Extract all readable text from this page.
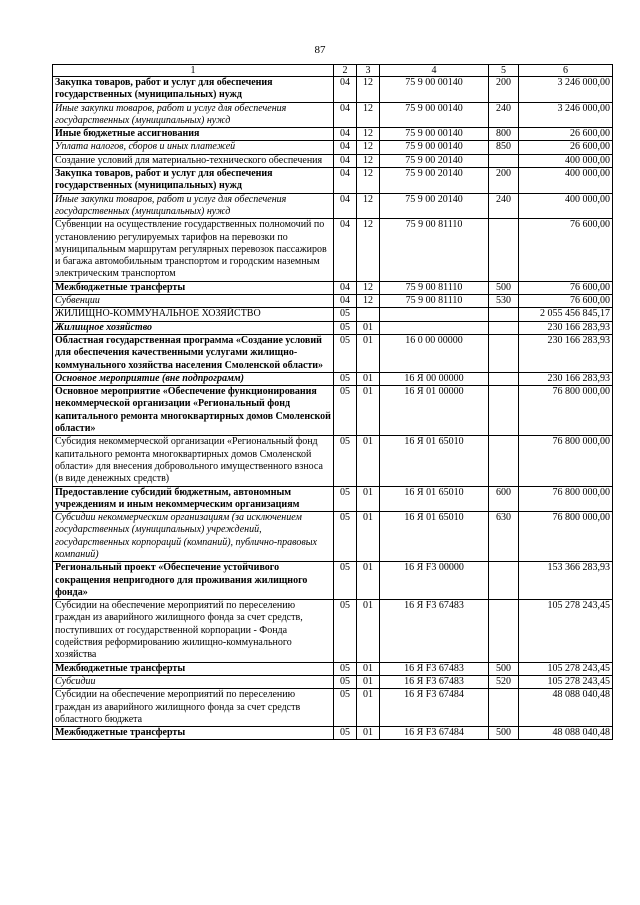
87
1	2	3	4	5	6
Закупка товаров, работ и услуг для обеспечения государственных (муниципальных) нужд	04	12	75 9 00 00140	200	3 246 000,00
Иные закупки товаров, работ и услуг для обеспечения государственных (муниципальных) нужд	04	12	75 9 00 00140	240	3 246 000,00
Иные бюджетные ассигнования	04	12	75 9 00 00140	800	26 600,00
Уплата налогов, сборов и иных платежей	04	12	75 9 00 00140	850	26 600,00
Создание условий для материально-технического обеспечения	04	12	75 9 00 20140		400 000,00
Закупка товаров, работ и услуг для обеспечения государственных (муниципальных) нужд	04	12	75 9 00 20140	200	400 000,00
Иные закупки товаров, работ и услуг для обеспечения государственных (муниципальных) нужд	04	12	75 9 00 20140	240	400 000,00
Субвенции на осуществление государственных полномочий по установлению регулируемых тарифов на перевозки по муниципальным маршрутам регулярных перевозок пассажиров и багажа автомобильным транспортом и городским наземным электрическим транспортом	04	12	75 9 00 81110		76 600,00
Межбюджетные трансферты	04	12	75 9 00 81110	500	76 600,00
Субвенции	04	12	75 9 00 81110	530	76 600,00
ЖИЛИЩНО-КОММУНАЛЬНОЕ ХОЗЯЙСТВО	05				2 055 456 845,17
Жилищное хозяйство	05	01			230 166 283,93
Областная государственная программа «Создание условий для обеспечения качественными услугами жилищно-коммунального хозяйства населения Смоленской области»	05	01	16 0 00 00000		230 166 283,93
Основное мероприятие (вне подпрограмм)	05	01	16 Я 00 00000		230 166 283,93
Основное мероприятие «Обеспечение функционирования некоммерческой организации «Региональный фонд капитального ремонта многоквартирных домов Смоленской области»	05	01	16 Я 01 00000		76 800 000,00
Субсидия некоммерческой организации «Региональный фонд капитального ремонта многоквартирных домов Смоленской области» для внесения добровольного имущественного взноса (в виде денежных средств)	05	01	16 Я 01 65010		76 800 000,00
Предоставление субсидий бюджетным, автономным учреждениям и иным некоммерческим организациям	05	01	16 Я 01 65010	600	76 800 000,00
Субсидии некоммерческим организациям (за исключением государственных (муниципальных) учреждений, государственных корпораций (компаний), публично-правовых компаний)	05	01	16 Я 01 65010	630	76 800 000,00
Региональный проект «Обеспечение устойчивого сокращения непригодного для проживания жилищного фонда»	05	01	16 Я F3 00000		153 366 283,93
Субсидии на обеспечение мероприятий по переселению граждан из аварийного жилищного фонда за счет средств, поступивших от государственной корпорации - Фонда содействия реформированию жилищно-коммунального хозяйства	05	01	16 Я F3 67483		105 278 243,45
Межбюджетные трансферты	05	01	16 Я F3 67483	500	105 278 243,45
Субсидии	05	01	16 Я F3 67483	520	105 278 243,45
Субсидии на обеспечение мероприятий по переселению граждан из аварийного жилищного фонда за счет средств областного бюджета	05	01	16 Я F3 67484		48 088 040,48
Межбюджетные трансферты	05	01	16 Я F3 67484	500	48 088 040,48
